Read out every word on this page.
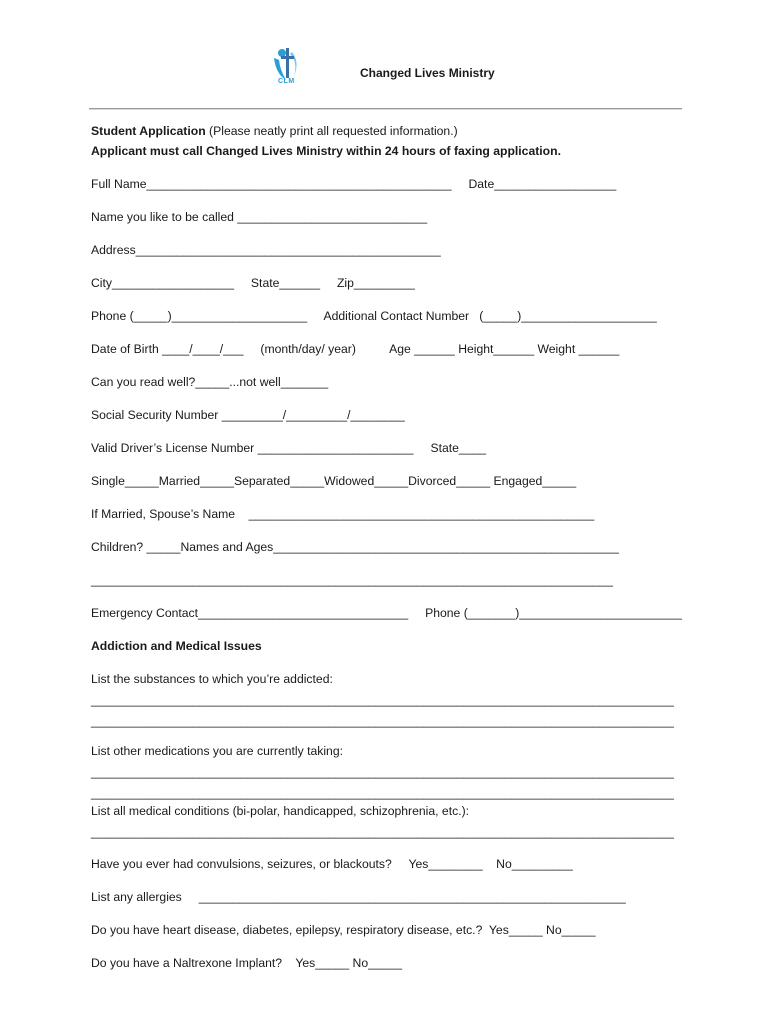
CLM
Changed Lives Ministry
Student Application (Please neatly print all requested information.)
Applicant must call Changed Lives Ministry within 24 hours of faxing application.
Full Name_____________________________________________     Date__________________
Name you like to be called ____________________________
Address_____________________________________________
City__________________     State______     Zip_________
Phone (_____)____________________     Additional Contact Number   (_____)____________________
Date of Birth ____/____/___     (month/day/ year)          Age ______ Height______ Weight ______
Can you read well?_____...not well_______
Social Security Number _________/_________/________
Valid Driver’s License Number _______________________     State____
Single_____Married_____Separated_____Widowed_____Divorced_____ Engaged_____
If Married, Spouse’s Name    ___________________________________________________
Children? _____Names and Ages___________________________________________________
_____________________________________________________________________________
Emergency Contact_______________________________     Phone (_______)________________________
Addiction and Medical Issues
List the substances to which you’re addicted:
______________________________________________________________________________________
______________________________________________________________________________________
List other medications you are currently taking:
______________________________________________________________________________________
______________________________________________________________________________________
List all medical conditions (bi-polar, handicapped, schizophrenia, etc.):
______________________________________________________________________________________
Have you ever had convulsions, seizures, or blackouts?     Yes________    No_________
List any allergies     _______________________________________________________________
Do you have heart disease, diabetes, epilepsy, respiratory disease, etc.?  Yes_____ No_____
Do you have a Naltrexone Implant?    Yes_____ No_____
